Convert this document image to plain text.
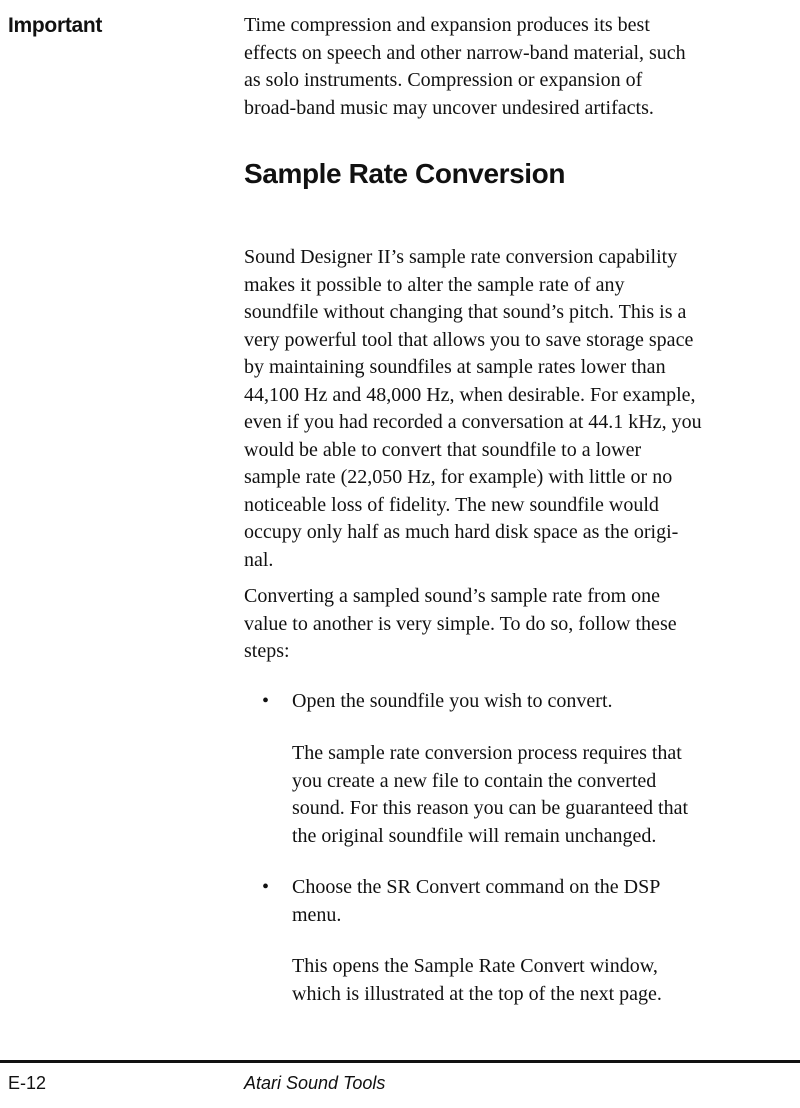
Important	Time compression and expansion produces its best
effects on speech and other narrow-band material, such
as solo instruments. Compression or expansion of
broad-band music may uncover undesired artifacts.
Sample Rate Conversion
Sound Designer II’s sample rate conversion capability
makes it possible to alter the sample rate of any
soundfile without changing that sound’s pitch. This is a
very powerful tool that allows you to save storage space
by maintaining soundfiles at sample rates lower than
44,100 Hz and 48,000 Hz, when desirable. For example,
even if you had recorded a conversation at 44.1 kHz, you
would be able to convert that soundfile to a lower
sample rate (22,050 Hz, for example) with little or no
noticeable loss of fidelity. The new soundfile would
occupy only half as much hard disk space as the origi-
nal.
Converting a sampled sound’s sample rate from one
value to another is very simple. To do so, follow these
steps:
• Open the soundfile you wish to convert.
The sample rate conversion process requires that
you create a new file to contain the converted
sound. For this reason you can be guaranteed that
the original soundfile will remain unchanged.
• Choose the SR Convert command on the DSP
menu.
This opens the Sample Rate Convert window,
which is illustrated at the top of the next page.
E-12	Atari Sound Tools
